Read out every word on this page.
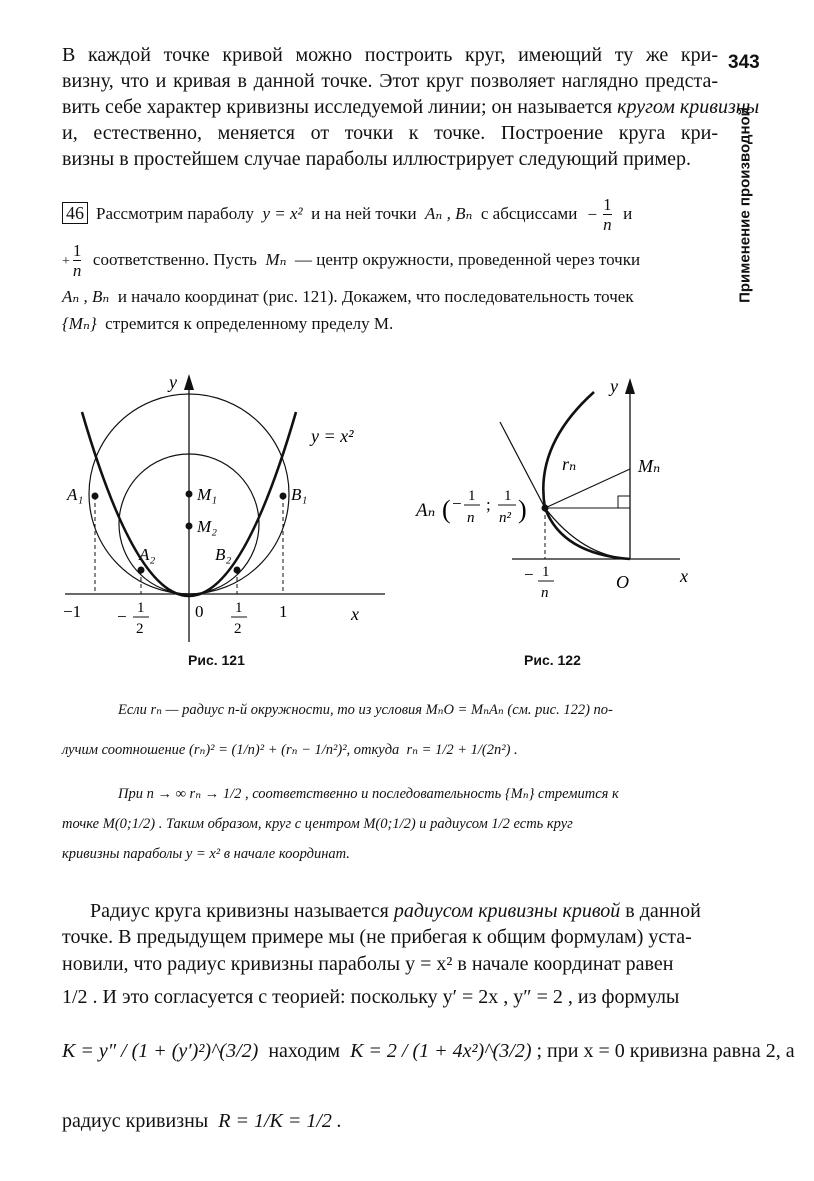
343
Применение производной
В каждой точке кривой можно построить круг, имеющий ту же кри-
визну, что и кривая в данной точке. Этот круг позволяет наглядно предста-
вить себе характер кривизны исследуемой линии; он называется кругом кривизны
и, естественно, меняется от точки к точке. Построение круга кри-
визны в простейшем случае параболы иллюстрирует следующий пример.
46 Рассмотрим параболу y = x² и на ней точки Aₙ , Bₙ с абсциссами − $\frac{1}{n}$ и
+ $\frac{1}{n}$ соответственно. Пусть Mₙ — центр окружности, проведенной через точки
Aₙ , Bₙ и начало координат (рис. 121). Докажем, что последовательность точек
{Mₙ} стремится к определенному пределу M.
y
x
y = x²
A₁
A₂
B₁
B₂
M₁
M₂
−1	0	1
− 1
2
1
2
Рис. 121
y
x
O
rₙ	Mₙ
Aₙ ( − 1
n
; 1
n² )
− 1
n
Рис. 122
Если rₙ — радиус n-й окружности, то из условия MₙO = MₙAₙ (см. рис. 122) по-
лучим соотношение (rₙ)² = (1/n)² + (rₙ − 1/n²)², откуда rₙ = 1/2 + 1/(2n²) .
При n → ∞ rₙ → 1/2 , соответственно и последовательность {Mₙ} стремится к
точке M(0;1/2) . Таким образом, круг с центром M(0;1/2) и радиусом 1/2 есть круг
кривизны параболы y = x² в начале координат.
Радиус круга кривизны называется радиусом кривизны кривой в данной
точке. В предыдущем примере мы (не прибегая к общим формулам) уста-
новили, что радиус кривизны параболы y = x² в начале координат равен
1/2 . И это согласуется с теорией: поскольку y′ = 2x , y″ = 2 , из формулы
K = y″ / (1 + (y′)²)^(3/2) находим K = 2 / (1 + 4x²)^(3/2) ; при x = 0 кривизна равна 2, а
радиус кривизны R = 1/K = 1/2 .
